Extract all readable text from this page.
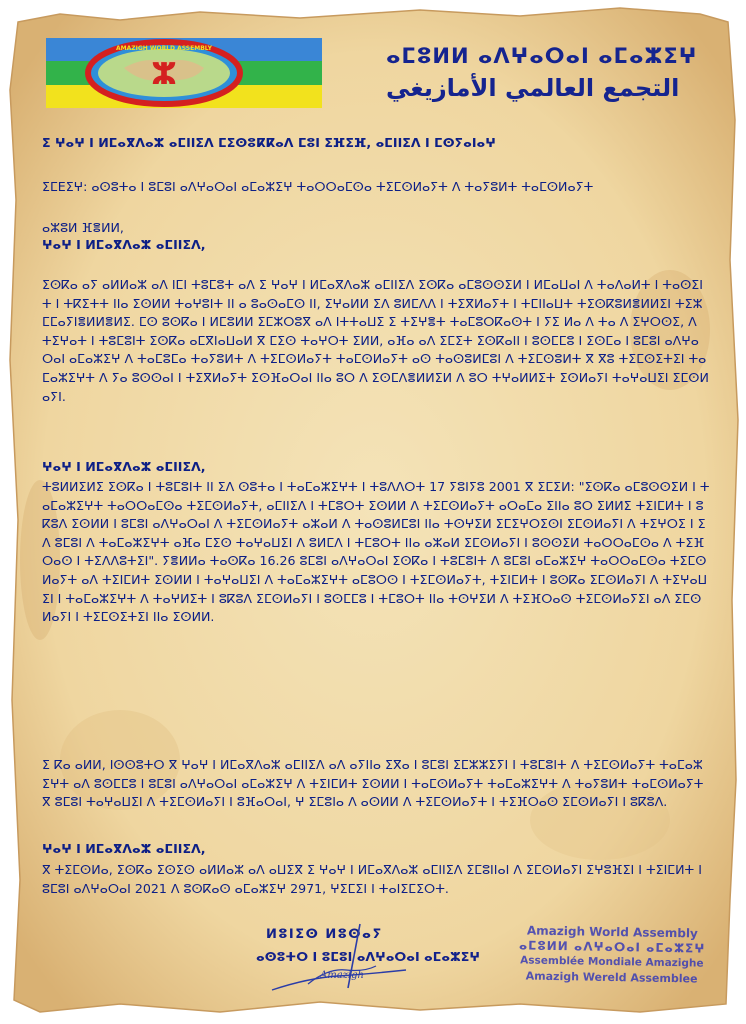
AMAZIGH WORLD ASSEMBLY
ⵣ
ⴰⵎⵓⵍⵍ ⴰⴷⵖⴰⵔⴰⵏ ⴰⵎⴰⵣⵉⵖ
التجمع العالمي الأمازيغي
ⵉ ⵖⴰⵖ ⵏ ⵍⵎⴰⴳⴷⴰⵣ ⴰⵎⵏⵏⵉⴷ ⵎⵉⵙⵓⴽⴽⴰⴷ ⵎⵓⵏ ⵉⴼⵉⴼ, ⴰⵎⵏⵏⵉⴷ ⵏ ⵎⵙⵢⴰⵏⴰⵖ
ⵉⵎⴹⵉⵖ: ⴰⵙⵓⵜⴰ ⵏ ⵓⵎⵓⵏ ⴰⴷⵖⴰⵔⴰⵏ ⴰⵎⴰⵣⵉⵖ ⵜⴰⵔⵔⴰⵎⵙⴰ ⵜⵉⵎⵙⵍⴰⵢⵜ ⴷ ⵜⴰⵢⵓⵍⵜ ⵜⴰⵎⵙⵍⴰⵢⵜ
ⴰⵣⵓⵍ ⴼⴻⵍⵍ,
ⵖⴰⵖ ⵏ ⵍⵎⴰⴳⴷⴰⵣ ⴰⵎⵏⵏⵉⴷ,
ⵉⵙⴽⴰ ⴰⵢ ⴰⵍⵍⴰⵣ ⴰⴷ ⵏⵎⵏ ⵜⵓⵎⵓⵜ ⴰⴷ ⵉ ⵖⴰⵖ ⵏ ⵍⵎⴰⴳⴷⴰⵣ ⴰⵎⵏⵏⵉⴷ ⵉⵙⴽⴰ ⴰⵎⵓⵙⵙⵉⵍ ⵏ ⵍⵎⴰⵡⴰⵏ ⴷ ⵜⴰⴷⴰⵍⵜ ⵏ ⵜⴰⵙⵉⵏⵜ ⵏ ⵜⴽⵉⵜⵜ ⵏⵏⴰ ⵉⵙⵍⵍ ⵜⴰⵖⵓⵏⵜ ⵏⵏ ⴰ ⵓⴰⵙⴰⵎⵙ ⵏⵏ, ⵉⵖⴰⵍⵍ ⵉⴷ ⵓⵍⵎⴷⴷ ⵏ ⵜⵉⴳⵍⴰⵢⵜ ⵏ ⵜⵎⵏⵏⴰⵡⵜ ⵜⵉⵙⴽⵓⵍⴻⵍⵍⵉⵏ ⵜⵉⵣⵎⵎⴰⵢⵏⴻⵍⵍⴻⵍⵉ. ⵎⵙ ⵓⵙⴽⴰ ⵏ ⵍⵎⵓⵍⵍ ⵉⵎⵣⵔⵓⴳ ⴰⴷ ⵏⵜⵜⴰⵡⵉ ⵉ ⵜⵉⵖⴻⵜ ⵜⴰⵎⵓⵔⴽⴰⵙⵜ ⵏ ⵢⵉ ⵍⴰ ⴷ ⵜⴰ ⴷ ⵉⵖⵔⵙⵉ, ⴷ ⵜⵉⵖⴰⵜ ⵏ ⵜⵓⵎⵓⵏⵜ ⵉⵙⴽⴰ ⴰⵎⴳⵏⴰⵡⴰⵍ ⴳ ⵎⵉⵙ ⵜⴰⵖⵔⵜ ⵉⵍⵍ, ⴰⴼⴰ ⴰⴷ ⵉⵎⵉⵜ ⵉⵙⴽⴰⵏⵏ ⵏ ⵓⵙⵎⵎⵓ ⵏ ⵉⵙⵎⴰ ⵏ ⵓⵎⵓⵏ ⴰⴷⵖⴰⵔⴰⵏ ⴰⵎⴰⵣⵉⵖ ⴷ ⵜⴰⵎⵓⵎⴰ ⵜⴰⵢⵓⵍⵜ ⴷ ⵜⵉⵎⵙⵍⴰⵢⵜ ⵜⴰⵎⵙⵍⴰⵢⵜ ⴰⵙ ⵜⴰⵙⵓⵍⵎⵓⵏ ⴷ ⵜⵉⵎⵙⵓⵍⵜ ⴳ ⴳⵓ ⵜⵉⵎⵙⵉⵜⵉⵏ ⵜⴰⵎⴰⵣⵉⵖⵜ ⴷ ⵢⴰ ⵓⵙⵙⴰⵏ ⵏ ⵜⵉⴳⵍⴰⵢⵜ ⵉⵙⴼⴰⵔⴰⵏ ⵏⵏⴰ ⵓⵔ ⴷ ⵉⵙⵎⴷⴻⵍⵍⵉⵍ ⴷ ⵓⵔ ⵜⵖⴰⵍⵍⵉⵜ ⵉⵙⵍⴰⵢⵏ ⵜⴰⵖⴰⵡⵉⵏ ⵉⵎⵙⵍⴰⵢⵏ.
ⵖⴰⵖ ⵏ ⵍⵎⴰⴳⴷⴰⵣ ⴰⵎⵏⵏⵉⴷ,
ⵜⵓⵍⵍⵉⵍⵉ ⵉⵙⴽⴰ ⵏ ⵜⵓⵎⵓⵏⵜ ⵏⵏ ⵉⴷ ⵙⵓⵜⴰ ⵏ ⵜⴰⵎⴰⵣⵉⵖⵜ ⵏ ⵜⵓⴷⴷⵔⵜ 17 ⵢⵓⵏⵢⵓ 2001 ⴳ ⵉⵎⵉⵍ: "ⵉⵙⴽⴰ ⴰⵎⵓⵙⵙⵉⵍ ⵏ ⵜⴰⵎⴰⵣⵉⵖⵜ ⵜⴰⵔⵔⴰⵎⵙⴰ ⵜⵉⵎⵙⵍⴰⵢⵜ, ⴰⵎⵏⵏⵉⴷ ⵏ ⵜⵎⵓⵔⵜ ⵉⵙⵍⵍ ⴷ ⵜⵉⵎⵙⵍⴰⵢⵜ ⴰⵔⴰⵎⴰ ⵉⵏⵏⴰ ⵓⵔ ⵉⵍⵍⵉ ⵜⵉⵏⵎⵍⵜ ⵏ ⵓⴽⵓⴷ ⵉⵙⵍⵍ ⵏ ⵓⵎⵓⵏ ⴰⴷⵖⴰⵔⴰⵏ ⴷ ⵜⵉⵎⵙⵍⴰⵢⵜ ⴰⵣⴰⵍ ⴷ ⵜⴰⵙⵓⵍⵎⵓⵏ ⵏⵏⴰ ⵜⵙⵖⵉⵍ ⵉⵎⵉⵖⵔⵉⵙⵏ ⵉⵎⵙⵍⴰⵢⵏ ⴷ ⵜⵉⵖⵔⵉ ⵏ ⵉⴷ ⵓⵎⵓⵏ ⴷ ⵜⴰⵎⴰⵣⵉⵖⵜ ⴰⴼⴰ ⵎⵉⵙ ⵜⴰⵖⴰⵡⵉⵏ ⴷ ⵓⵍⵎⴷ ⵏ ⵜⵎⵓⵔⵜ ⵏⵏⴰ ⴰⵣⴰⵍ ⵉⵎⵙⵍⴰⵢⵏ ⵏ ⵓⵙⵙⵉⵍ ⵜⴰⵔⵔⴰⵎⵙⴰ ⴷ ⵜⵉⴼⵔⴰⵙ ⵏ ⵜⵉⴷⴷⵓⵜⵉⵏ". ⵢⴻⵍⵍⴰ ⵜⴰⵙⴽⴰ 16.26 ⵓⵎⵓⵏ ⴰⴷⵖⴰⵔⴰⵏ ⵉⵙⴽⴰ ⵏ ⵜⵓⵎⵓⵏⵜ ⴷ ⵓⵎⵓⵏ ⴰⵎⴰⵣⵉⵖ ⵜⴰⵔⵔⴰⵎⵙⴰ ⵜⵉⵎⵙⵍⴰⵢⵜ ⴰⴷ ⵜⵉⵏⵎⵍⵜ ⵉⵙⵍⵍ ⵏ ⵜⴰⵖⴰⵡⵉⵏ ⴷ ⵜⴰⵎⴰⵣⵉⵖⵜ ⴰⵎⵓⵔⵙ ⵏ ⵜⵉⵎⵙⵍⴰⵢⵜ, ⵜⵉⵏⵎⵍⵜ ⵏ ⵓⵙⴽⴰ ⵉⵎⵙⵍⴰⵢⵏ ⴷ ⵜⵉⵖⴰⵡⵉⵏ ⵏ ⵜⴰⵎⴰⵣⵉⵖⵜ ⴷ ⵜⴰⵖⵍⵉⵜ ⵏ ⵓⴽⵓⴷ ⵉⵎⵙⵍⴰⵢⵏ ⵏ ⵓⵙⵎⵎⵓ ⵏ ⵜⵎⵓⵔⵜ ⵏⵏⴰ ⵜⵙⵖⵉⵍ ⴷ ⵜⵉⴼⵔⴰⵙ ⵜⵉⵎⵙⵍⴰⵢⵉⵏ ⴰⴷ ⵉⵎⵙⵍⴰⵢⵏ ⵏ ⵜⵉⵎⵙⵉⵜⵉⵏ ⵏⵏⴰ ⵉⵙⵍⵍ.
ⵉ ⴽⴰ ⴰⵍⵍ, ⵏⵙⵙⵓⵜⵔ ⴳ ⵖⴰⵖ ⵏ ⵍⵎⴰⴳⴷⴰⵣ ⴰⵎⵏⵏⵉⴷ ⴰⴷ ⴰⵢⵏⵏⴰ ⵉⴳⴰ ⵏ ⵓⵎⵓⵏ ⵉⵎⵣⵣⵉⵢⵏ ⵏ ⵜⵓⵎⵓⵏⵜ ⴷ ⵜⵉⵎⵙⵍⴰⵢⵜ ⵜⴰⵎⴰⵣⵉⵖⵜ ⴰⴷ ⵓⵙⵎⵎⵓ ⵏ ⵓⵎⵓⵏ ⴰⴷⵖⴰⵔⴰⵏ ⴰⵎⴰⵣⵉⵖ ⴷ ⵜⵉⵏⵎⵍⵜ ⵉⵙⵍⵍ ⵏ ⵜⴰⵎⵙⵍⴰⵢⵜ ⵜⴰⵎⴰⵣⵉⵖⵜ ⴷ ⵜⴰⵢⵓⵍⵜ ⵜⴰⵎⵙⵍⴰⵢⵜ ⴳ ⵓⵎⵓⵏ ⵜⴰⵖⴰⵡⵉⵏ ⴷ ⵜⵉⵎⵙⵍⴰⵢⵏ ⵏ ⵓⴼⴰⵔⴰⵏ, ⵖ ⵉⵎⵓⵏⴰ ⴷ ⴰⵙⵍⵍ ⴷ ⵜⵉⵎⵙⵍⴰⵢⵜ ⵏ ⵜⵉⴼⵔⴰⵙ ⵉⵎⵙⵍⴰⵢⵏ ⵏ ⵓⴽⵓⴷ.
ⵖⴰⵖ ⵏ ⵍⵎⴰⴳⴷⴰⵣ ⴰⵎⵏⵏⵉⴷ,
ⴳ ⵜⵉⵎⵙⵍⴰ, ⵉⵙⴽⴰ ⵉⵙⵉⵙ ⴰⵍⵍⴰⵣ ⴰⴷ ⴰⵡⵉⴳ ⵉ ⵖⴰⵖ ⵏ ⵍⵎⴰⴳⴷⴰⵣ ⴰⵎⵏⵏⵉⴷ ⵉⵎⵓⵏⵏⴰⵏ ⴷ ⵉⵎⵙⵍⴰⵢⵏ ⵉⵖⵓⴼⵉⵏ ⵏ ⵜⵉⵏⵎⵍⵜ ⵏ ⵓⵎⵓⵏ ⴰⴷⵖⴰⵔⴰⵏ 2021 ⴷ ⵓⵙⴽⴰⵙ ⴰⵎⴰⵣⵉⵖ 2971, ⵖⵉⵎⵉⵏ ⵏ ⵜⴰⵏⵉⵎⵉⵔⵜ.
ⵍⵓⵏⵉⵙ ⵍⵓⵙⴰⵢ
ⴰⵙⵓⵜⵔ ⵏ ⵓⵎⵓⵏ ⴰⴷⵖⴰⵔⴰⵏ ⴰⵎⴰⵣⵉⵖ
Amazigh
Amazigh World Assembly
ⴰⵎⵓⵍⵍ ⴰⴷⵖⴰⵔⴰⵏ ⴰⵎⴰⵣⵉⵖ
Assemblée Mondiale Amazighe
Amazigh Wereld Assemblee
